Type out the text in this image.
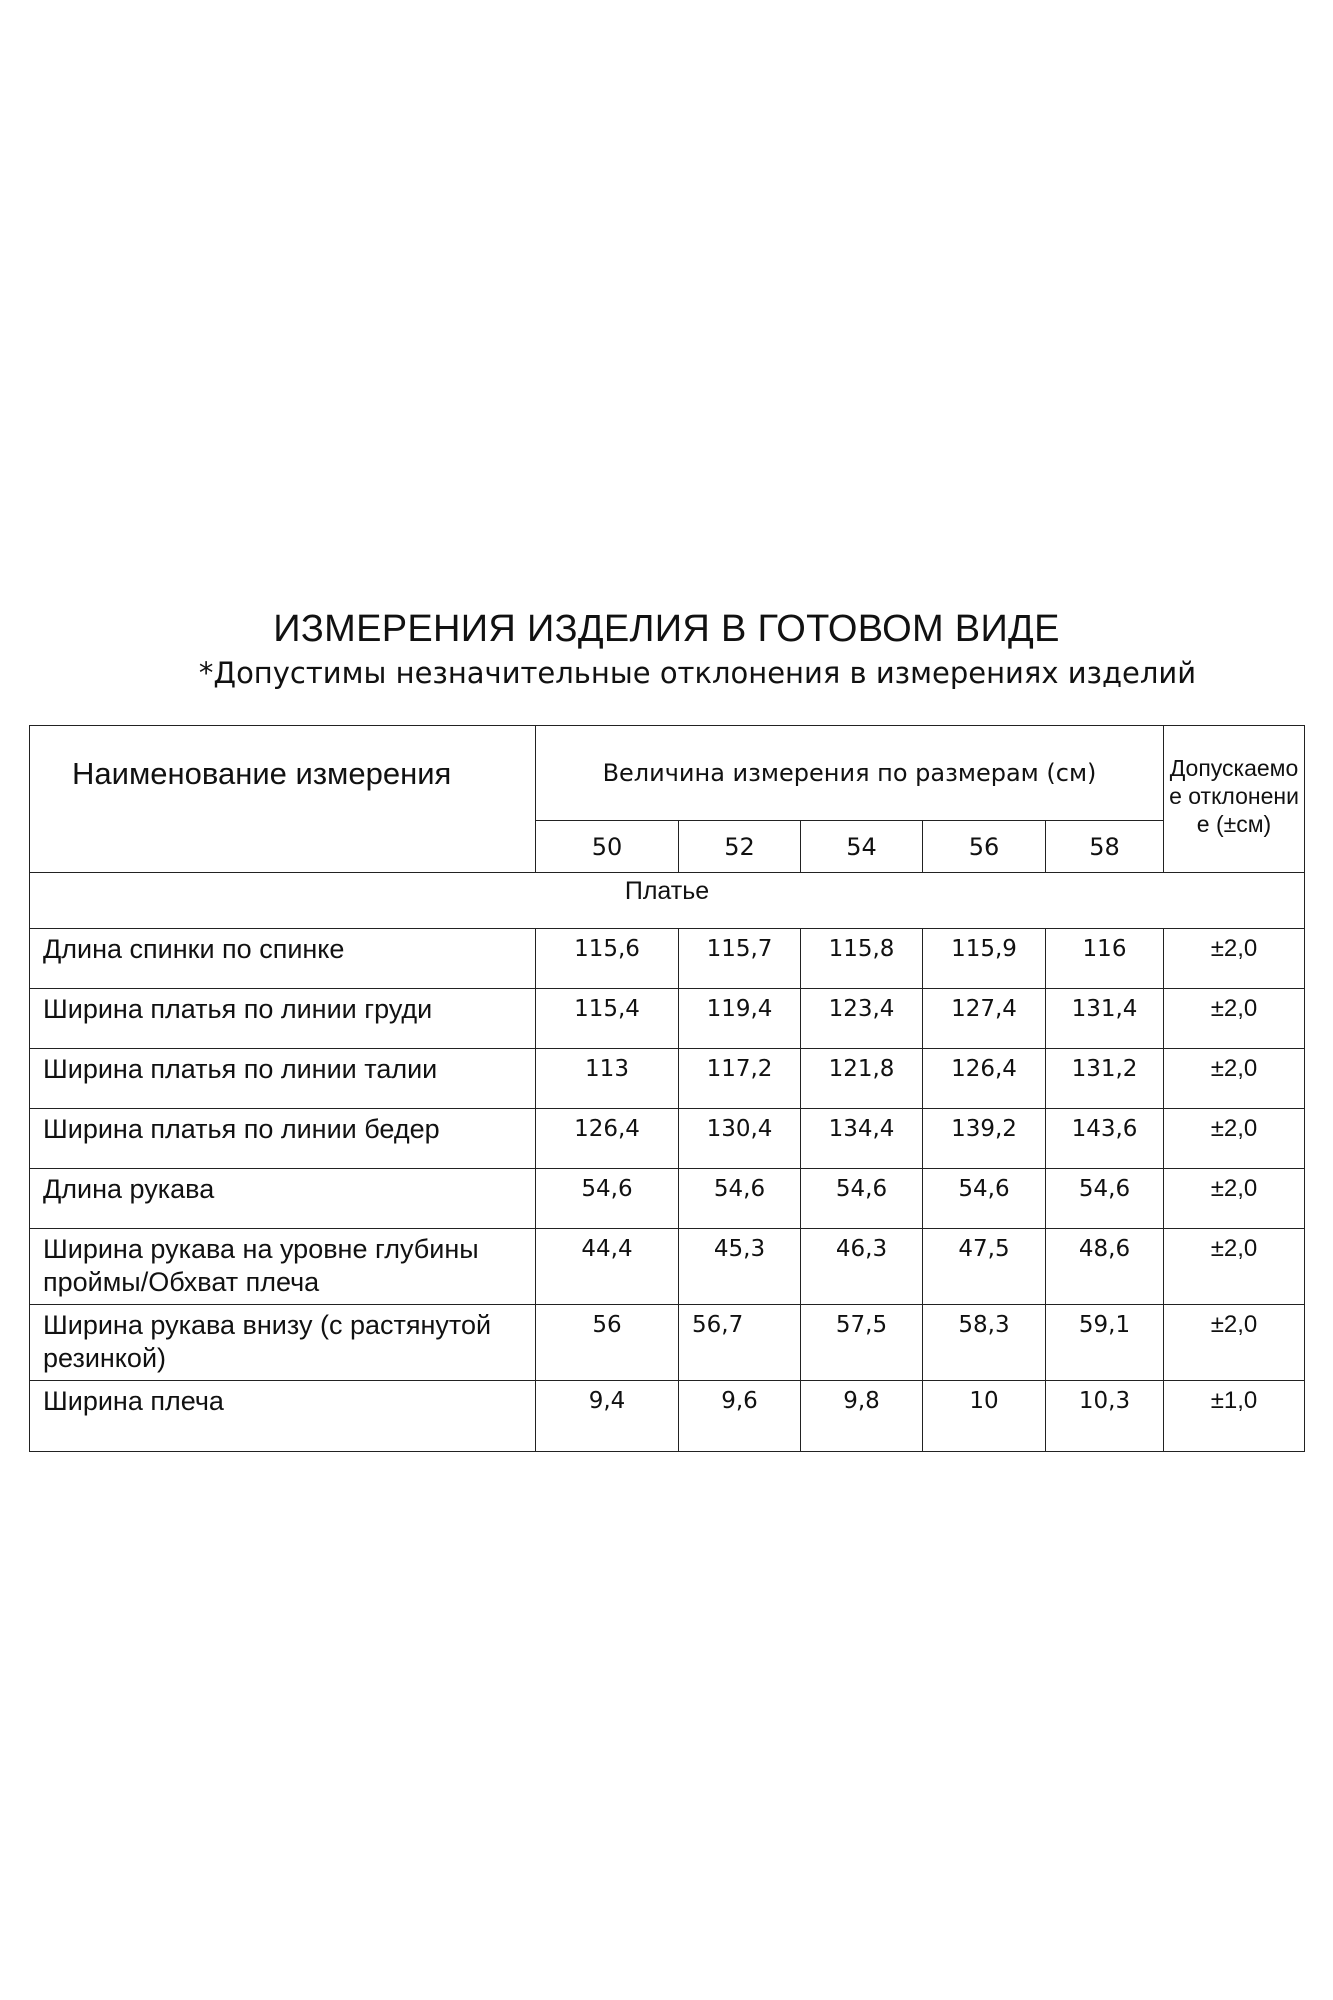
ИЗМЕРЕНИЯ ИЗДЕЛИЯ В ГОТОВОМ ВИДЕ

*Допустимы незначительные отклонения в измерениях изделий

Наименование измерения	Величина измерения по размерам (см)					Допускаемое отклонение (±см)
	50	52	54	56	58	
Платье						
Длина спинки по спинке	115,6	115,7	115,8	115,9	116	±2,0
Ширина платья по линии груди	115,4	119,4	123,4	127,4	131,4	±2,0
Ширина платья по линии талии	113	117,2	121,8	126,4	131,2	±2,0
Ширина платья по линии бедер	126,4	130,4	134,4	139,2	143,6	±2,0
Длина рукава	54,6	54,6	54,6	54,6	54,6	±2,0
Ширина рукава на уровне глубины проймы/Обхват плеча	44,4	45,3	46,3	47,5	48,6	±2,0
Ширина рукава внизу (с растянутой резинкой)	56	56,7	57,5	58,3	59,1	±2,0
Ширина плеча	9,4	9,6	9,8	10	10,3	±1,0
